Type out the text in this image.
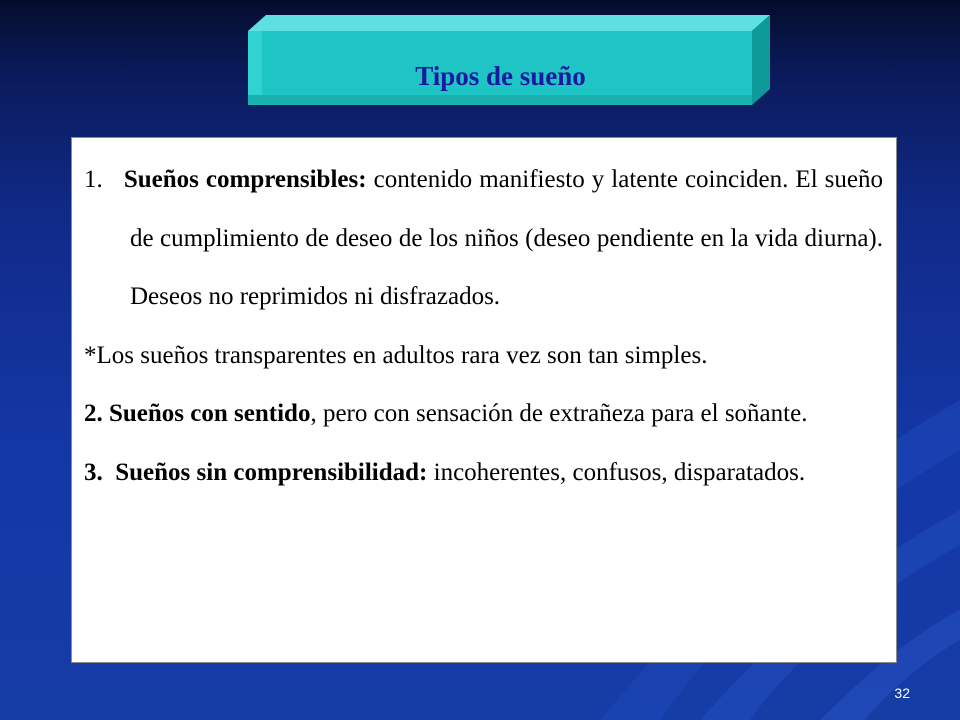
Tipos de sueño

1. Sueños comprensibles: contenido manifiesto y latente coinciden. El sueño de cumplimiento de deseo de los niños (deseo pendiente en la vida diurna). Deseos no reprimidos ni disfrazados.

*Los sueños transparentes en adultos rara vez son tan simples.

2. Sueños con sentido, pero con sensación de extrañeza para el soñante.

3. Sueños sin comprensibilidad: incoherentes, confusos, disparatados.

32
